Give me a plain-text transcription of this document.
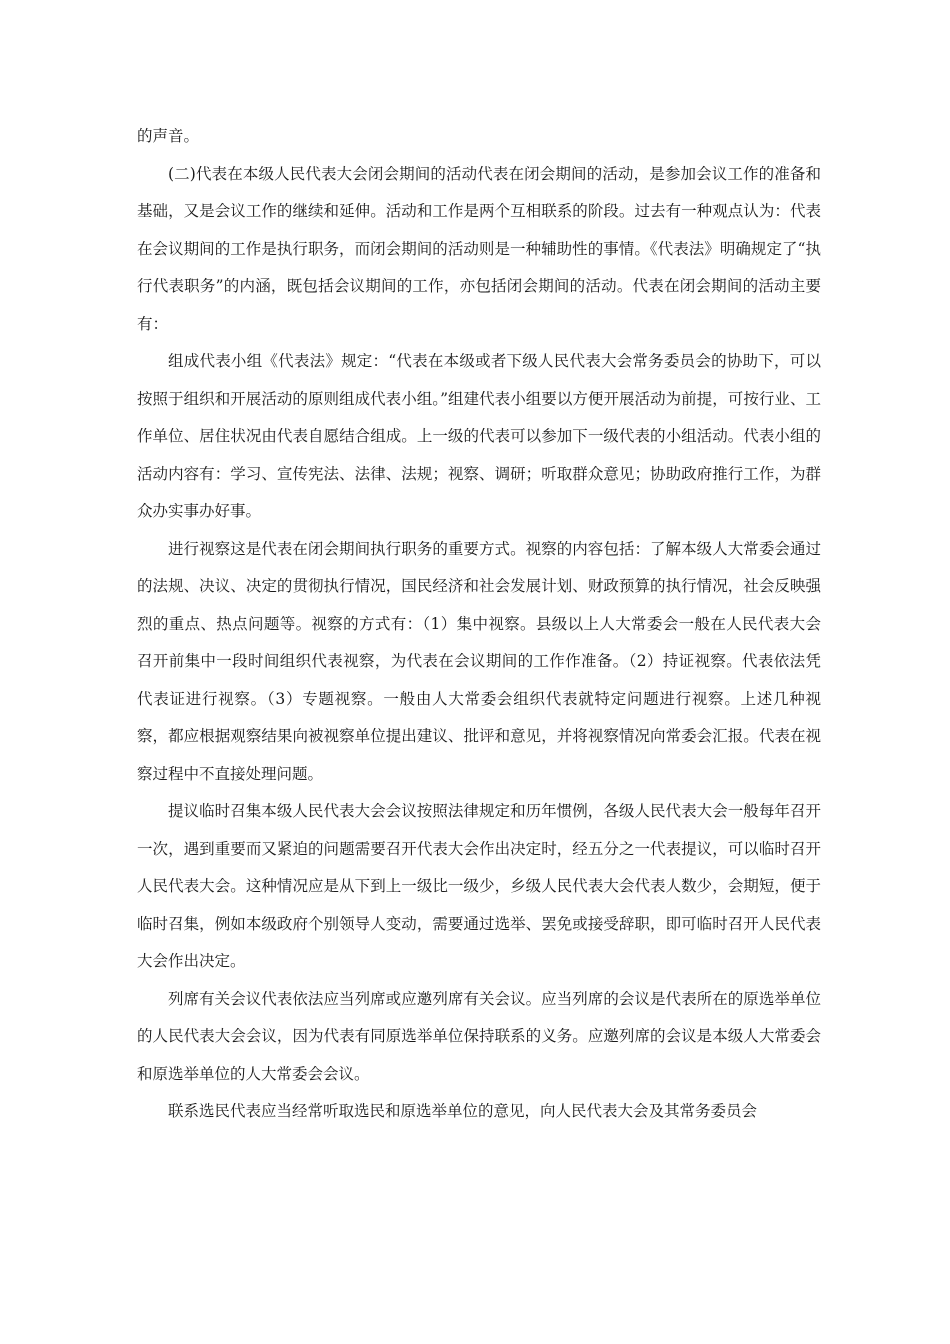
的声音。

(二)代表在本级人民代表大会闭会期间的活动代表在闭会期间的活动，是参加会议工作的准备和基础，又是会议工作的继续和延伸。活动和工作是两个互相联系的阶段。过去有一种观点认为：代表在会议期间的工作是执行职务，而闭会期间的活动则是一种辅助性的事情。《代表法》明确规定了“执行代表职务”的内涵，既包括会议期间的工作，亦包括闭会期间的活动。代表在闭会期间的活动主要有：

组成代表小组《代表法》规定：“代表在本级或者下级人民代表大会常务委员会的协助下，可以按照于组织和开展活动的原则组成代表小组。”组建代表小组要以方便开展活动为前提，可按行业、工作单位、居住状况由代表自愿结合组成。上一级的代表可以参加下一级代表的小组活动。代表小组的活动内容有：学习、宣传宪法、法律、法规；视察、调研；听取群众意见；协助政府推行工作，为群众办实事办好事。

进行视察这是代表在闭会期间执行职务的重要方式。视察的内容包括：了解本级人大常委会通过的法规、决议、决定的贯彻执行情况，国民经济和社会发展计划、财政预算的执行情况，社会反映强烈的重点、热点问题等。视察的方式有：（1）集中视察。县级以上人大常委会一般在人民代表大会召开前集中一段时间组织代表视察，为代表在会议期间的工作作准备。（2）持证视察。代表依法凭代表证进行视察。（3）专题视察。一般由人大常委会组织代表就特定问题进行视察。上述几种视察，都应根据观察结果向被视察单位提出建议、批评和意见，并将视察情况向常委会汇报。代表在视察过程中不直接处理问题。

提议临时召集本级人民代表大会会议按照法律规定和历年惯例，各级人民代表大会一般每年召开一次，遇到重要而又紧迫的问题需要召开代表大会作出决定时，经五分之一代表提议，可以临时召开人民代表大会。这种情况应是从下到上一级比一级少，乡级人民代表大会代表人数少，会期短，便于临时召集，例如本级政府个别领导人变动，需要通过选举、罢免或接受辞职，即可临时召开人民代表大会作出决定。

列席有关会议代表依法应当列席或应邀列席有关会议。应当列席的会议是代表所在的原选举单位的人民代表大会会议，因为代表有同原选举单位保持联系的义务。应邀列席的会议是本级人大常委会和原选举单位的人大常委会会议。

联系选民代表应当经常听取选民和原选举单位的意见，向人民代表大会及其常务委员会
